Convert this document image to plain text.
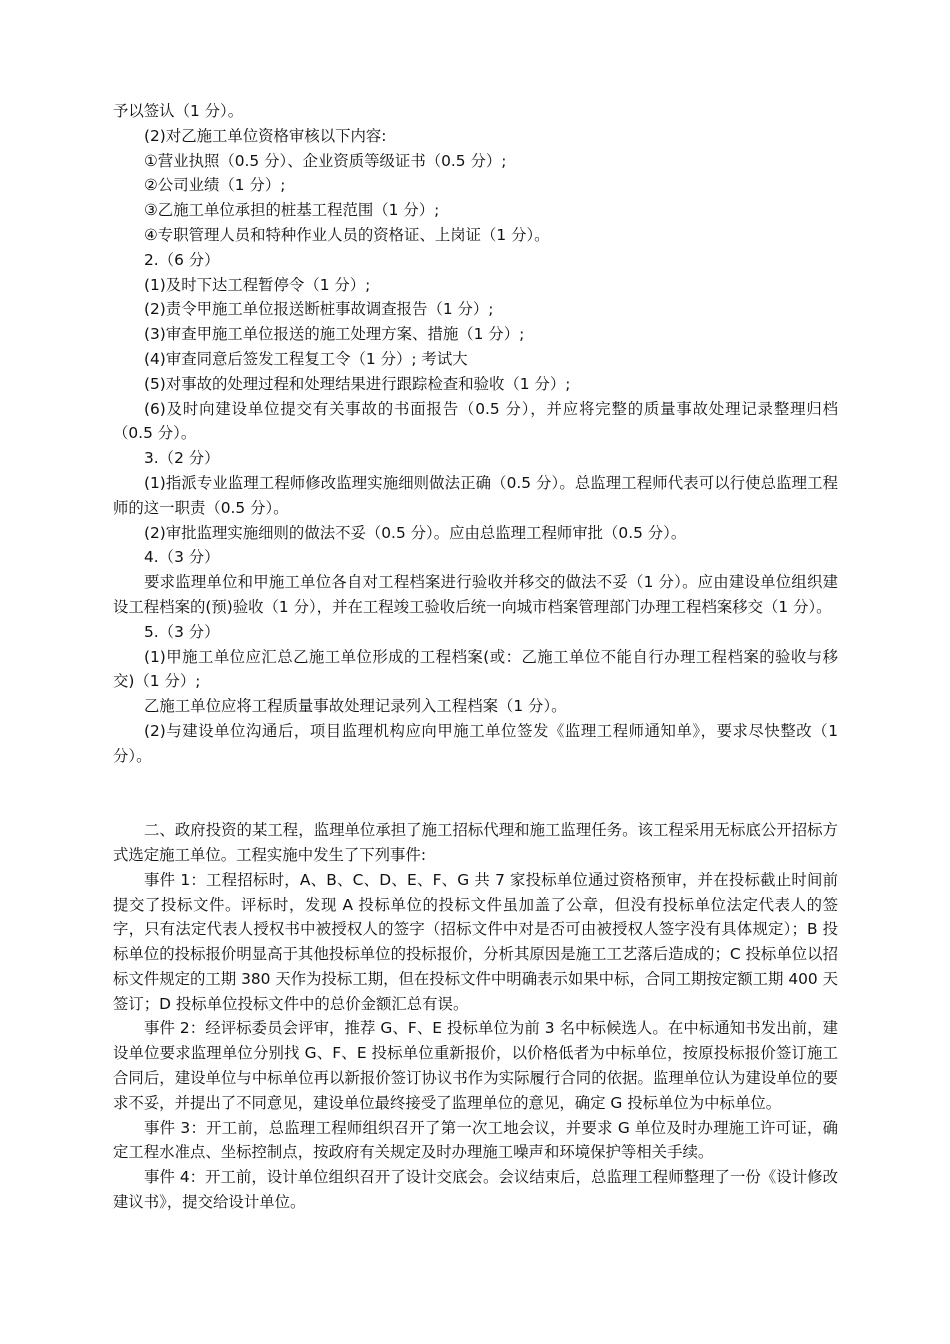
予以签认（1 分）。

(2)对乙施工单位资格审核以下内容:

①营业执照（0.5 分）、企业资质等级证书（0.5 分）;

②公司业绩（1 分）;

③乙施工单位承担的桩基工程范围（1 分）;

④专职管理人员和特种作业人员的资格证、上岗证（1 分）。

2.（6 分）

(1)及时下达工程暂停令（1 分）;

(2)责令甲施工单位报送断桩事故调查报告（1 分）;

(3)审查甲施工单位报送的施工处理方案、措施（1 分）;

(4)审查同意后签发工程复工令（1 分）; 考试大

(5)对事故的处理过程和处理结果进行跟踪检查和验收（1 分）;

(6)及时向建设单位提交有关事故的书面报告（0.5 分），并应将完整的质量事故处理记录整理归档（0.5 分）。

3.（2 分）

(1)指派专业监理工程师修改监理实施细则做法正确（0.5 分）。总监理工程师代表可以行使总监理工程师的这一职责（0.5 分）。

(2)审批监理实施细则的做法不妥（0.5 分）。应由总监理工程师审批（0.5 分）。

4.（3 分）

要求监理单位和甲施工单位各自对工程档案进行验收并移交的做法不妥（1 分）。应由建设单位组织建设工程档案的(预)验收（1 分），并在工程竣工验收后统一向城市档案管理部门办理工程档案移交（1 分）。

5.（3 分）

(1)甲施工单位应汇总乙施工单位形成的工程档案(或：乙施工单位不能自行办理工程档案的验收与移交)（1 分）;

乙施工单位应将工程质量事故处理记录列入工程档案（1 分）。

(2)与建设单位沟通后，项目监理机构应向甲施工单位签发《监理工程师通知单》，要求尽快整改（1 分）。

二、政府投资的某工程，监理单位承担了施工招标代理和施工监理任务。该工程采用无标底公开招标方式选定施工单位。工程实施中发生了下列事件:

事件 1：工程招标时，A、B、C、D、E、F、G 共 7 家投标单位通过资格预审，并在投标截止时间前提交了投标文件。评标时，发现 A 投标单位的投标文件虽加盖了公章，但没有投标单位法定代表人的签字，只有法定代表人授权书中被授权人的签字（招标文件中对是否可由被授权人签字没有具体规定）；B 投标单位的投标报价明显高于其他投标单位的投标报价，分析其原因是施工工艺落后造成的；C 投标单位以招标文件规定的工期 380 天作为投标工期，但在投标文件中明确表示如果中标，合同工期按定额工期 400 天签订；D 投标单位投标文件中的总价金额汇总有误。

事件 2：经评标委员会评审，推荐 G、F、E 投标单位为前 3 名中标候选人。在中标通知书发出前，建设单位要求监理单位分别找 G、F、E 投标单位重新报价，以价格低者为中标单位，按原投标报价签订施工合同后，建设单位与中标单位再以新报价签订协议书作为实际履行合同的依据。监理单位认为建设单位的要求不妥，并提出了不同意见，建设单位最终接受了监理单位的意见，确定 G 投标单位为中标单位。

事件 3：开工前，总监理工程师组织召开了第一次工地会议，并要求 G 单位及时办理施工许可证，确定工程水准点、坐标控制点，按政府有关规定及时办理施工噪声和环境保护等相关手续。

事件 4：开工前，设计单位组织召开了设计交底会。会议结束后，总监理工程师整理了一份《设计修改建议书》，提交给设计单位。
